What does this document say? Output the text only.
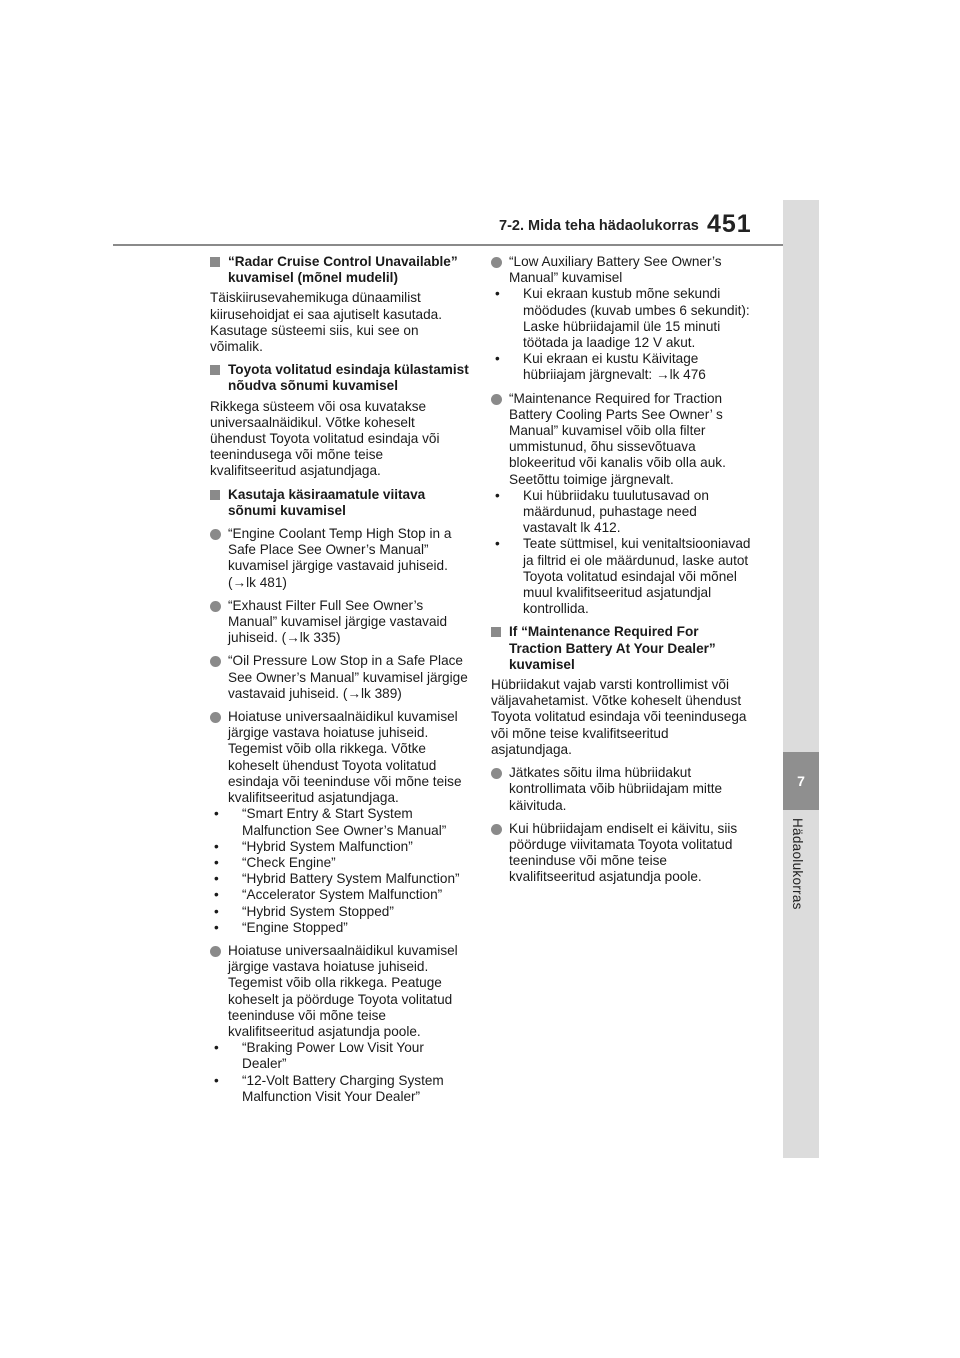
7-2. Mida teha hädaolukorras 451
7
Hädaolukorras
“Radar Cruise Control Unavailable” kuvamisel (mõnel mudelil)
Täiskiirusevahemikuga dünaamilist kiirusehoidjat ei saa ajutiselt kasutada. Kasutage süsteemi siis, kui see on võimalik.
Toyota volitatud esindaja külastamist nõudva sõnumi kuvamisel
Rikkega süsteem või osa kuvatakse universaalnäidikul. Võtke koheselt ühendust Toyota volitatud esindaja või teenindusega või mõne teise kvalifitseeritud asjatundjaga.
Kasutaja käsiraamatule viitava sõnumi kuvamisel
“Engine Coolant Temp High Stop in a Safe Place See Owner’s Manual” kuvamisel järgige vastavaid juhiseid. (→lk 481)
“Exhaust Filter Full See Owner’s Manual” kuvamisel järgige vastavaid juhiseid. (→lk 335)
“Oil Pressure Low Stop in a Safe Place See Owner’s Manual” kuvamisel järgige vastavaid juhiseid. (→lk 389)
Hoiatuse universaalnäidikul kuvamisel järgige vastava hoiatuse juhiseid. Tegemist võib olla rikkega. Võtke koheselt ühendust Toyota volitatud esindaja või teeninduse või mõne teise kvalifitseeritud asjatundjaga.
•	“Smart Entry & Start System Malfunction See Owner’s Manual”
•	“Hybrid System Malfunction”
•	“Check Engine”
•	“Hybrid Battery System Malfunction”
•	“Accelerator System Malfunction”
•	“Hybrid System Stopped”
•	“Engine Stopped”
Hoiatuse universaalnäidikul kuvamisel järgige vastava hoiatuse juhiseid. Tegemist võib olla rikkega. Peatuge koheselt ja pöörduge Toyota volitatud teeninduse või mõne teise kvalifitseeritud asjatundja poole.
•	“Braking Power Low Visit Your Dealer”
•	“12-Volt Battery Charging System Malfunction Visit Your Dealer”
“Low Auxiliary Battery See Owner’s Manual” kuvamisel
•	Kui ekraan kustub mõne sekundi möödudes (kuvab umbes 6 sekundit): Laske hübriidajamil üle 15 minuti töötada ja laadige 12 V akut.
•	Kui ekraan ei kustu Käivitage hübriiajam järgnevalt: →lk 476
“Maintenance Required for Traction Battery Cooling Parts See Owner’ s Manual” kuvamisel võib olla filter ummistunud, õhu sissevõtuava blokeeritud või kanalis võib olla auk. Seetõttu toimige järgnevalt.
•	Kui hübriidaku tuulutusavad on määrdunud, puhastage need vastavalt lk 412.
•	Teate süttmisel, kui venitaltsiooniavad ja filtrid ei ole määrdunud, laske autot Toyota volitatud esindajal või mõnel muul kvalifitseeritud asjatundjal kontrollida.
If “Maintenance Required For Traction Battery At Your Dealer” kuvamisel
Hübriidakut vajab varsti kontrollimist või väljavahetamist. Võtke koheselt ühendust Toyota volitatud esindaja või teenindusega või mõne teise kvalifitseeritud asjatundjaga.
Jätkates sõitu ilma hübriidakut kontrollimata võib hübriidajam mitte käivituda.
Kui hübriidajam endiselt ei käivitu, siis pöörduge viivitamata Toyota volitatud teeninduse või mõne teise kvalifitseeritud asjatundja poole.
